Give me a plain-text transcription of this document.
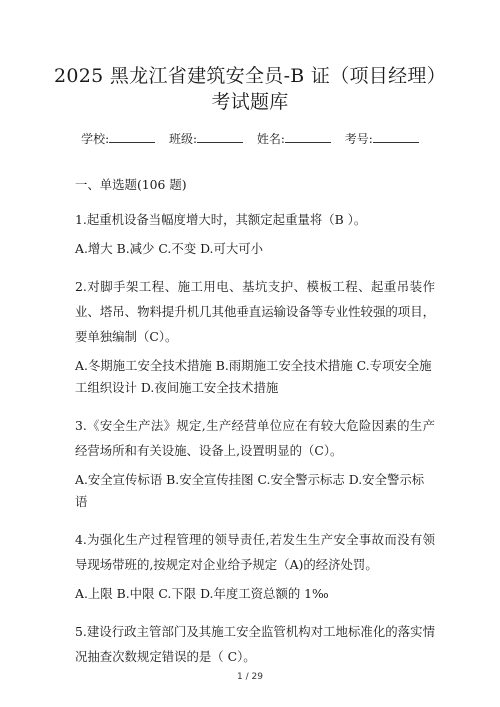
2025 黑龙江省建筑安全员-B 证（项目经理）
考试题库
学校:	班级:	姓名:	考号:
一、单选题(106 题)

1.起重机设备当幅度增大时，其额定起重量将（B ）。

A.增大 B.减少 C.不变 D.可大可小

2.对脚手架工程、施工用电、基坑支护、模板工程、起重吊装作业、塔吊、物料提升机几其他垂直运输设备等专业性较强的项目，要单独编制（C）。

A.冬期施工安全技术措施 B.雨期施工安全技术措施 C.专项安全施工组织设计 D.夜间施工安全技术措施

3.《安全生产法》规定,生产经营单位应在有较大危险因素的生产经营场所和有关设施、设备上,设置明显的（C）。

A.安全宣传标语 B.安全宣传挂图 C.安全警示标志 D.安全警示标语

4.为强化生产过程管理的领导责任,若发生生产安全事故而没有领导现场带班的,按规定对企业给予规定（A)的经济处罚。

A.上限 B.中限 C.下限 D.年度工资总额的 1‰

5.建设行政主管部门及其施工安全监管机构对工地标准化的落实情况抽查次数规定错误的是（ C）。

1 / 29
